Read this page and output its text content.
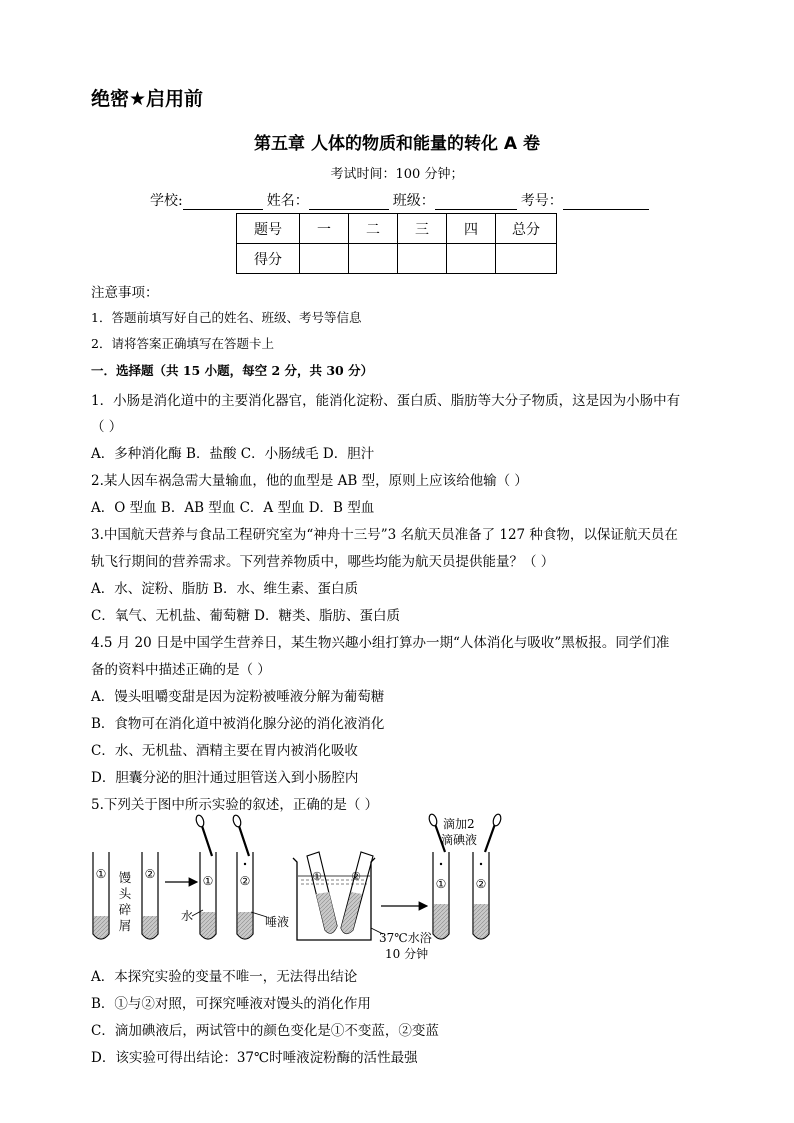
绝密★启用前
第五章 人体的物质和能量的转化 A 卷
考试时间：100 分钟；
学校:	姓名：	班级：	考号：
题号	一	二	三	四	总分
得分					
注意事项：
1．答题前填写好自己的姓名、班级、考号等信息
2．请将答案正确填写在答题卡上
一．选择题（共 15 小题，每空 2 分，共 30 分）
1．小肠是消化道中的主要消化器官，能消化淀粉、蛋白质、脂肪等大分子物质，这是因为小肠中有
（ ）
A．多种消化酶 B．盐酸 C．小肠绒毛 D．胆汁
2.某人因车祸急需大量输血，他的血型是 AB 型，原则上应该给他输（ ）
A．O 型血 B．AB 型血 C．A 型血 D．B 型血
3.中国航天营养与食品工程研究室为“神舟十三号”3 名航天员准备了 127 种食物，以保证航天员在
轨飞行期间的营养需求。下列营养物质中，哪些均能为航天员提供能量？（ ）
A．水、淀粉、脂肪 B．水、维生素、蛋白质
C．氧气、无机盐、葡萄糖 D．糖类、脂肪、蛋白质
4.5 月 20 日是中国学生营养日，某生物兴趣小组打算办一期“人体消化与吸收”黑板报。同学们准
备的资料中描述正确的是（ ）
A．馒头咀嚼变甜是因为淀粉被唾液分解为葡萄糖
B．食物可在消化道中被消化腺分泌的消化液消化
C．水、无机盐、酒精主要在胃内被消化吸收
D．胆囊分泌的胆汁通过胆管送入到小肠腔内
5.下列关于图中所示实验的叙述，正确的是（ ）
①	②
馒
头
碎
屑
①
水
②
唾液
①	②
37℃水浴
10 分钟
① ②
滴加2
滴碘液
A．本探究实验的变量不唯一，无法得出结论
B．①与②对照，可探究唾液对馒头的消化作用
C．滴加碘液后，两试管中的颜色变化是①不变蓝，②变蓝
D．该实验可得出结论：37℃时唾液淀粉酶的活性最强
